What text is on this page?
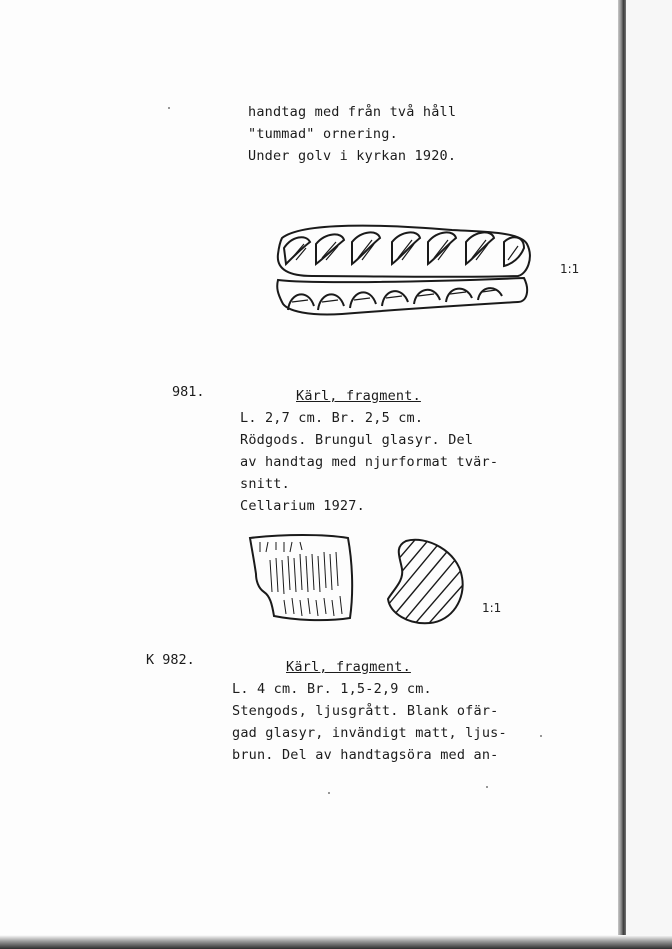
handtag med från två håll
"tummad" ornering.
Under golv i kyrkan 1920.
1:1
981.	Kärl, fragment.
L. 2,7 cm. Br. 2,5 cm.
Rödgods. Brungul glasyr. Del
av handtag med njurformat tvär-
snitt.
Cellarium 1927.
1:1
K 982.	Kärl, fragment.
L. 4 cm. Br. 1,5-2,9 cm.
Stengods, ljusgrått. Blank ofär-
gad glasyr, invändigt matt, ljus-
brun. Del av handtagsöra med an-
